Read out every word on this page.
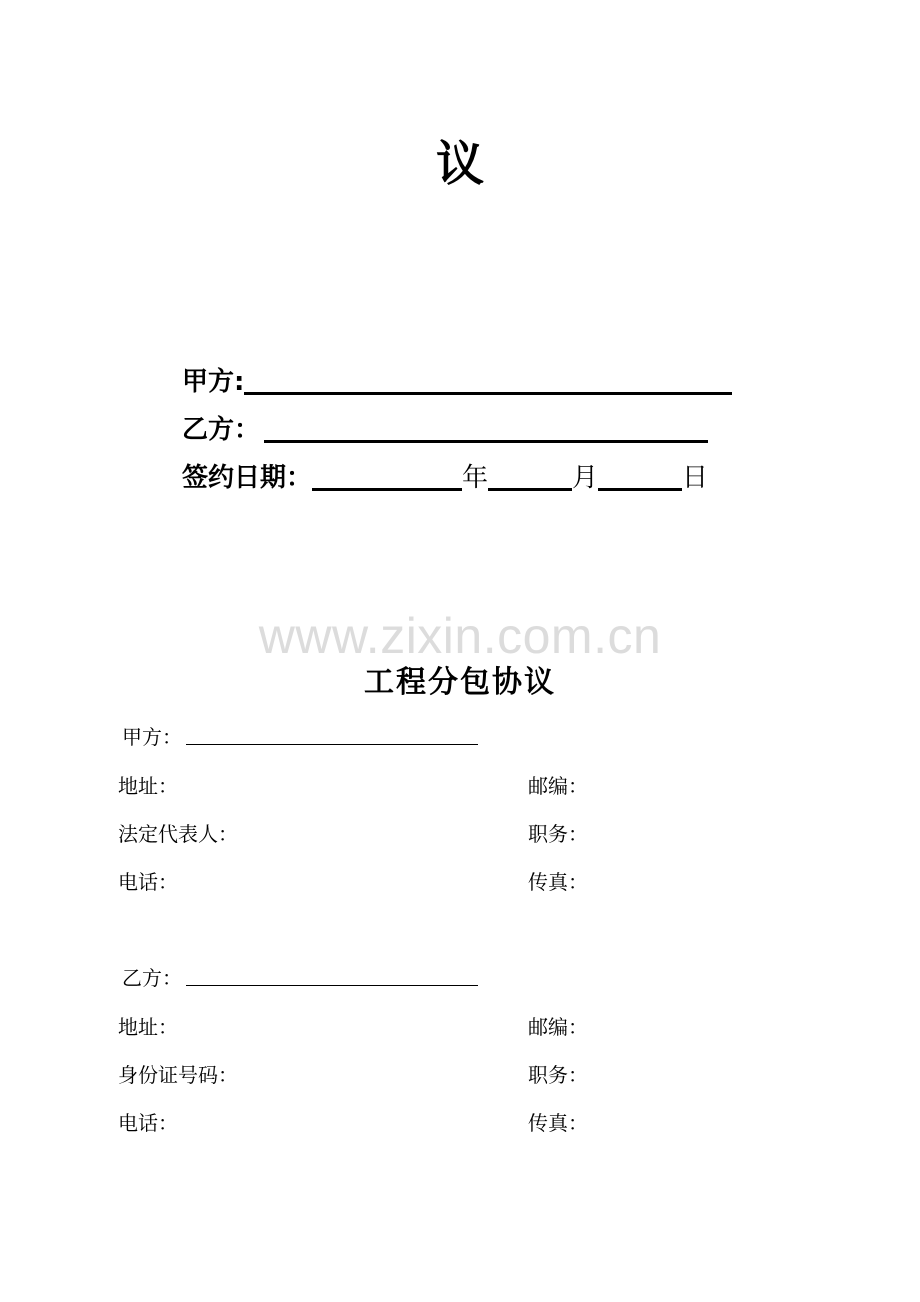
议
甲方:
乙方：
签约日期：	年	月	日
www.zixin.com.cn
工程分包协议
甲方：
地址：	邮编：
法定代表人：	职务：
电话：	传真：
乙方：
地址：	邮编：
身份证号码：	职务：
电话：	传真：
